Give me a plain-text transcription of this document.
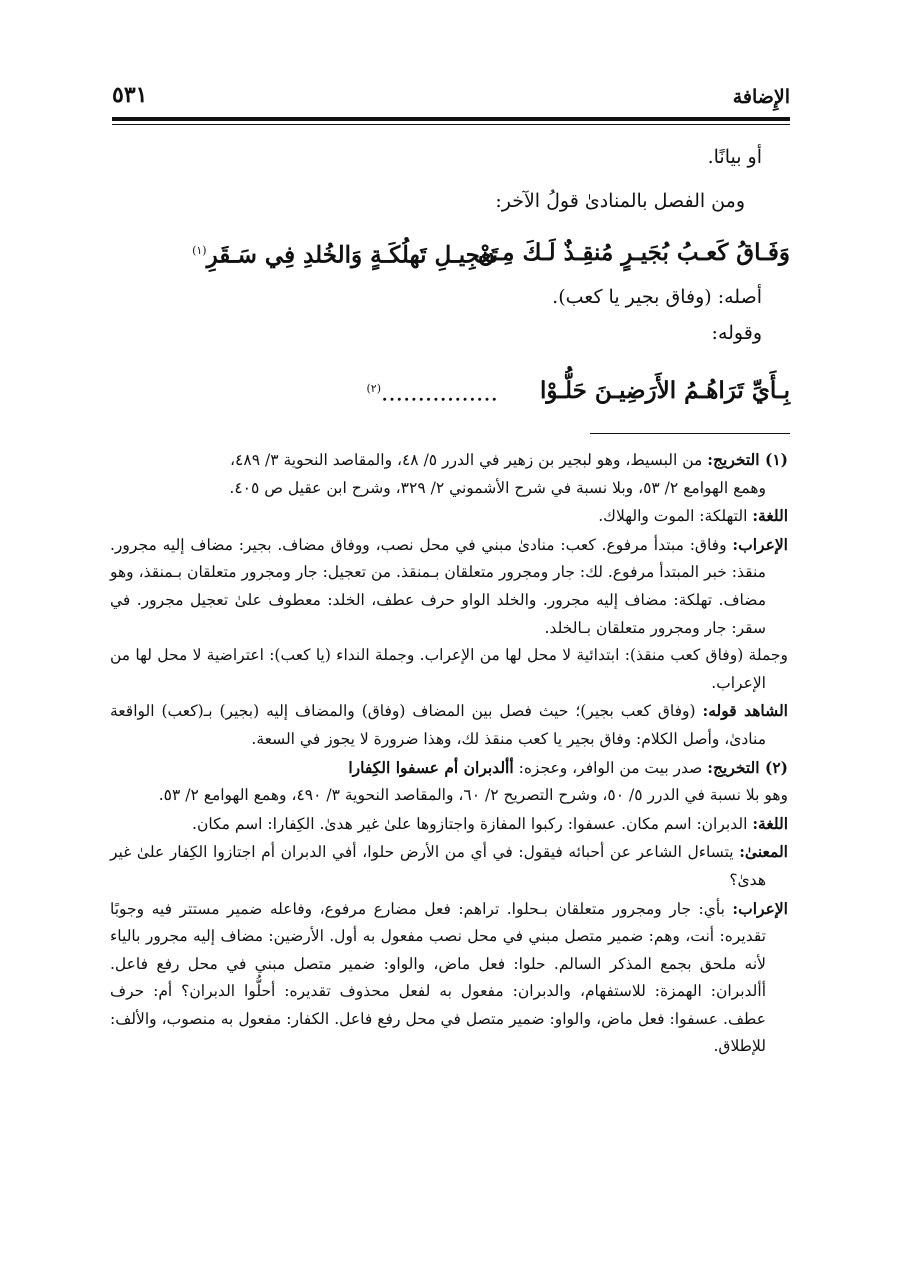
الإِضافة
٥٣١

أو بيانًا.

ومن الفصل بالمنادىٰ قولُ الآخر:

وَفَـاقُ كَعـبُ بُجَيـرٍ مُنقِـذٌ لَـكَ مِـنْ
تَعجِيـلِ تَهلُكَـةٍ وَالخُلدِ فِي سَـقَرِ$^{(١)}$

أصله: (وفاق بجير يا كعب).

وقوله:

بِـأَيِّ تَرَاهُـمُ الأَرَضِيـنَ حَلُّـوْا
................$^{(٢)}$

(١) التخريج: من البسيط، وهو لبجير بن زهير في الدرر ٥/ ٤٨، والمقاصد النحوية ٣/ ٤٨٩،

وهمع الهوامع ٢/ ٥٣، وبلا نسبة في شرح الأشموني ٢/ ٣٢٩، وشرح ابن عقيل ص ٤٠٥.

اللغة: التهلكة: الموت والهلاك.

الإعراب: وفاق: مبتدأ مرفوع. كعب: منادىٰ مبني في محل نصب، ووفاق مضاف. بجير: مضاف إليه مجرور. منقذ: خبر المبتدأ مرفوع. لك: جار ومجرور متعلقان بـمنقذ. من تعجيل: جار ومجرور متعلقان بـمنقذ، وهو مضاف. تهلكة: مضاف إليه مجرور. والخلد الواو حرف عطف، الخلد: معطوف علىٰ تعجيل مجرور. في سقر: جار ومجرور متعلقان بـالخلد.

وجملة (وفاق كعب منقذ): ابتدائية لا محل لها من الإعراب. وجملة النداء (يا كعب): اعتراضية لا محل لها من الإعراب.

الشاهد قوله: (وفاق كعب بجير)؛ حيث فصل بين المضاف (وفاق) والمضاف إليه (بجير) بـ(كعب) الواقعة منادىٰ، وأصل الكلام: وفاق بجير يا كعب منقذ لك، وهذا ضرورة لا يجوز في السعة.

(٢) التخريج: صدر بيت من الوافر، وعجزه: أألدبران أم عسفوا الكِفارا

وهو بلا نسبة في الدرر ٥/ ٥٠، وشرح التصريح ٢/ ٦٠، والمقاصد النحوية ٣/ ٤٩٠، وهمع الهوامع ٢/ ٥٣.

اللغة: الدبران: اسم مكان. عسفوا: ركبوا المفازة واجتازوها علىٰ غير هدىٰ. الكِفارا: اسم مكان.

المعنىٰ: يتساءل الشاعر عن أحبائه فيقول: في أي من الأرض حلوا، أفي الدبران أم اجتازوا الكِفار علىٰ غير هدىٰ؟

الإعراب: بأي: جار ومجرور متعلقان بـحلوا. تراهم: فعل مضارع مرفوع، وفاعله ضمير مستتر فيه وجوبًا تقديره: أنت، وهم: ضمير متصل مبني في محل نصب مفعول به أول. الأرضين: مضاف إليه مجرور بالياء لأنه ملحق بجمع المذكر السالم. حلوا: فعل ماض، والواو: ضمير متصل مبني في محل رفع فاعل. أألدبران: الهمزة: للاستفهام، والدبران: مفعول به لفعل محذوف تقديره: أحلُّوا الدبران؟ أم: حرف عطف. عسفوا: فعل ماض، والواو: ضمير متصل في محل رفع فاعل. الكفار: مفعول به منصوب، والألف: للإطلاق.
